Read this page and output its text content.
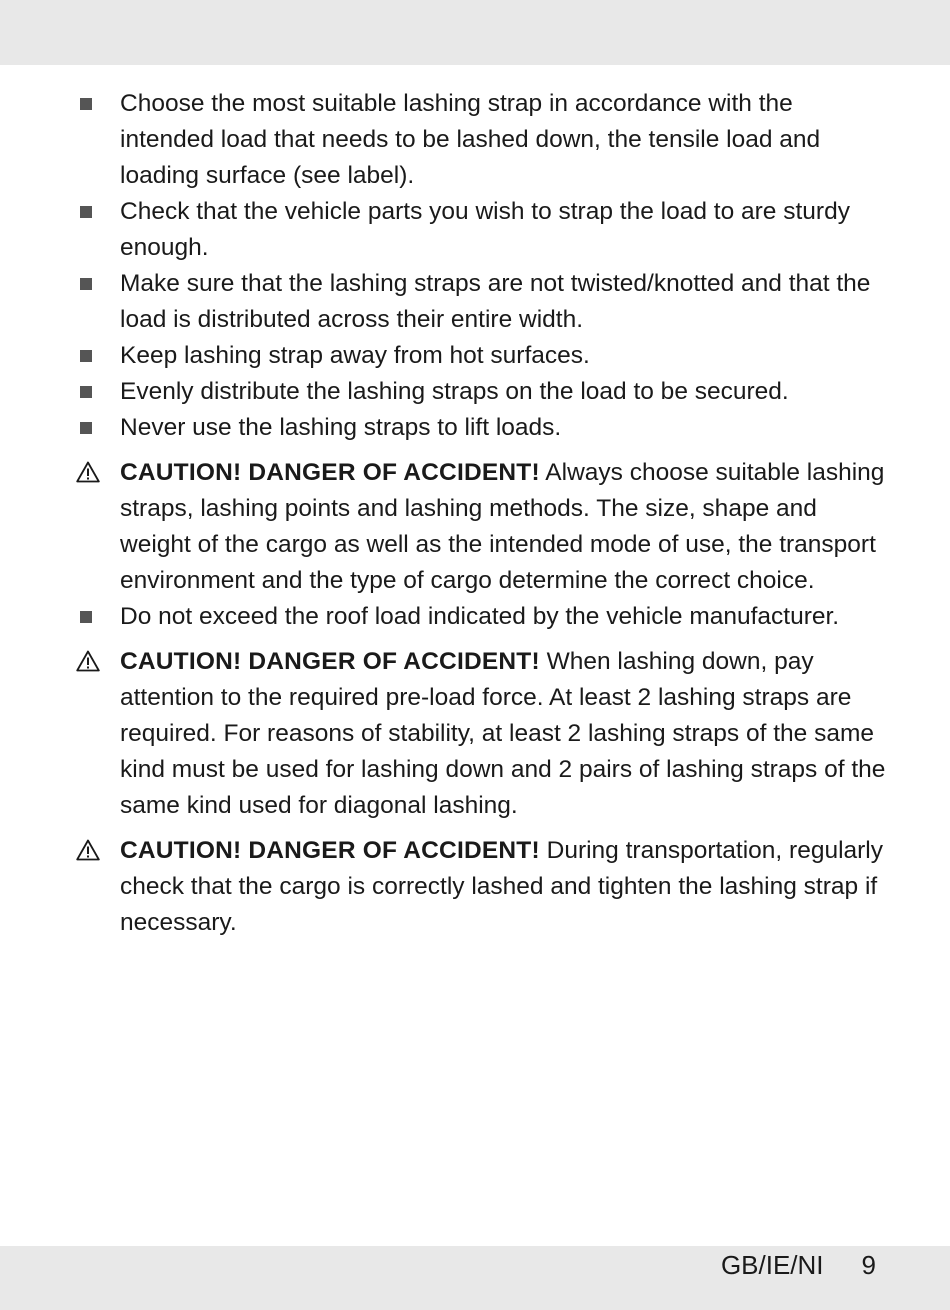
Choose the most suitable lashing strap in accordance with the intended load that needs to be lashed down, the tensile load and loading surface (see label).
Check that the vehicle parts you wish to strap the load to are sturdy enough.
Make sure that the lashing straps are not twisted/knotted and that the load is distributed across their entire width.
Keep lashing strap away from hot surfaces.
Evenly distribute the lashing straps on the load to be secured.
Never use the lashing straps to lift loads.
CAUTION! DANGER OF ACCIDENT! Always choose suitable lashing straps, lashing points and lashing methods. The size, shape and weight of the cargo as well as the intended mode of use, the transport environment and the type of cargo determine the correct choice.
Do not exceed the roof load indicated by the vehicle manufacturer.
CAUTION! DANGER OF ACCIDENT! When lashing down, pay attention to the required pre-load force. At least 2 lashing straps are required. For reasons of stability, at least 2 lashing straps of the same kind must be used for lashing down and 2 pairs of lashing straps of the same kind used for diagonal lashing.
CAUTION! DANGER OF ACCIDENT! During transportation, regularly check that the cargo is correctly lashed and tighten the lashing strap if necessary.
GB/IE/NI 9
